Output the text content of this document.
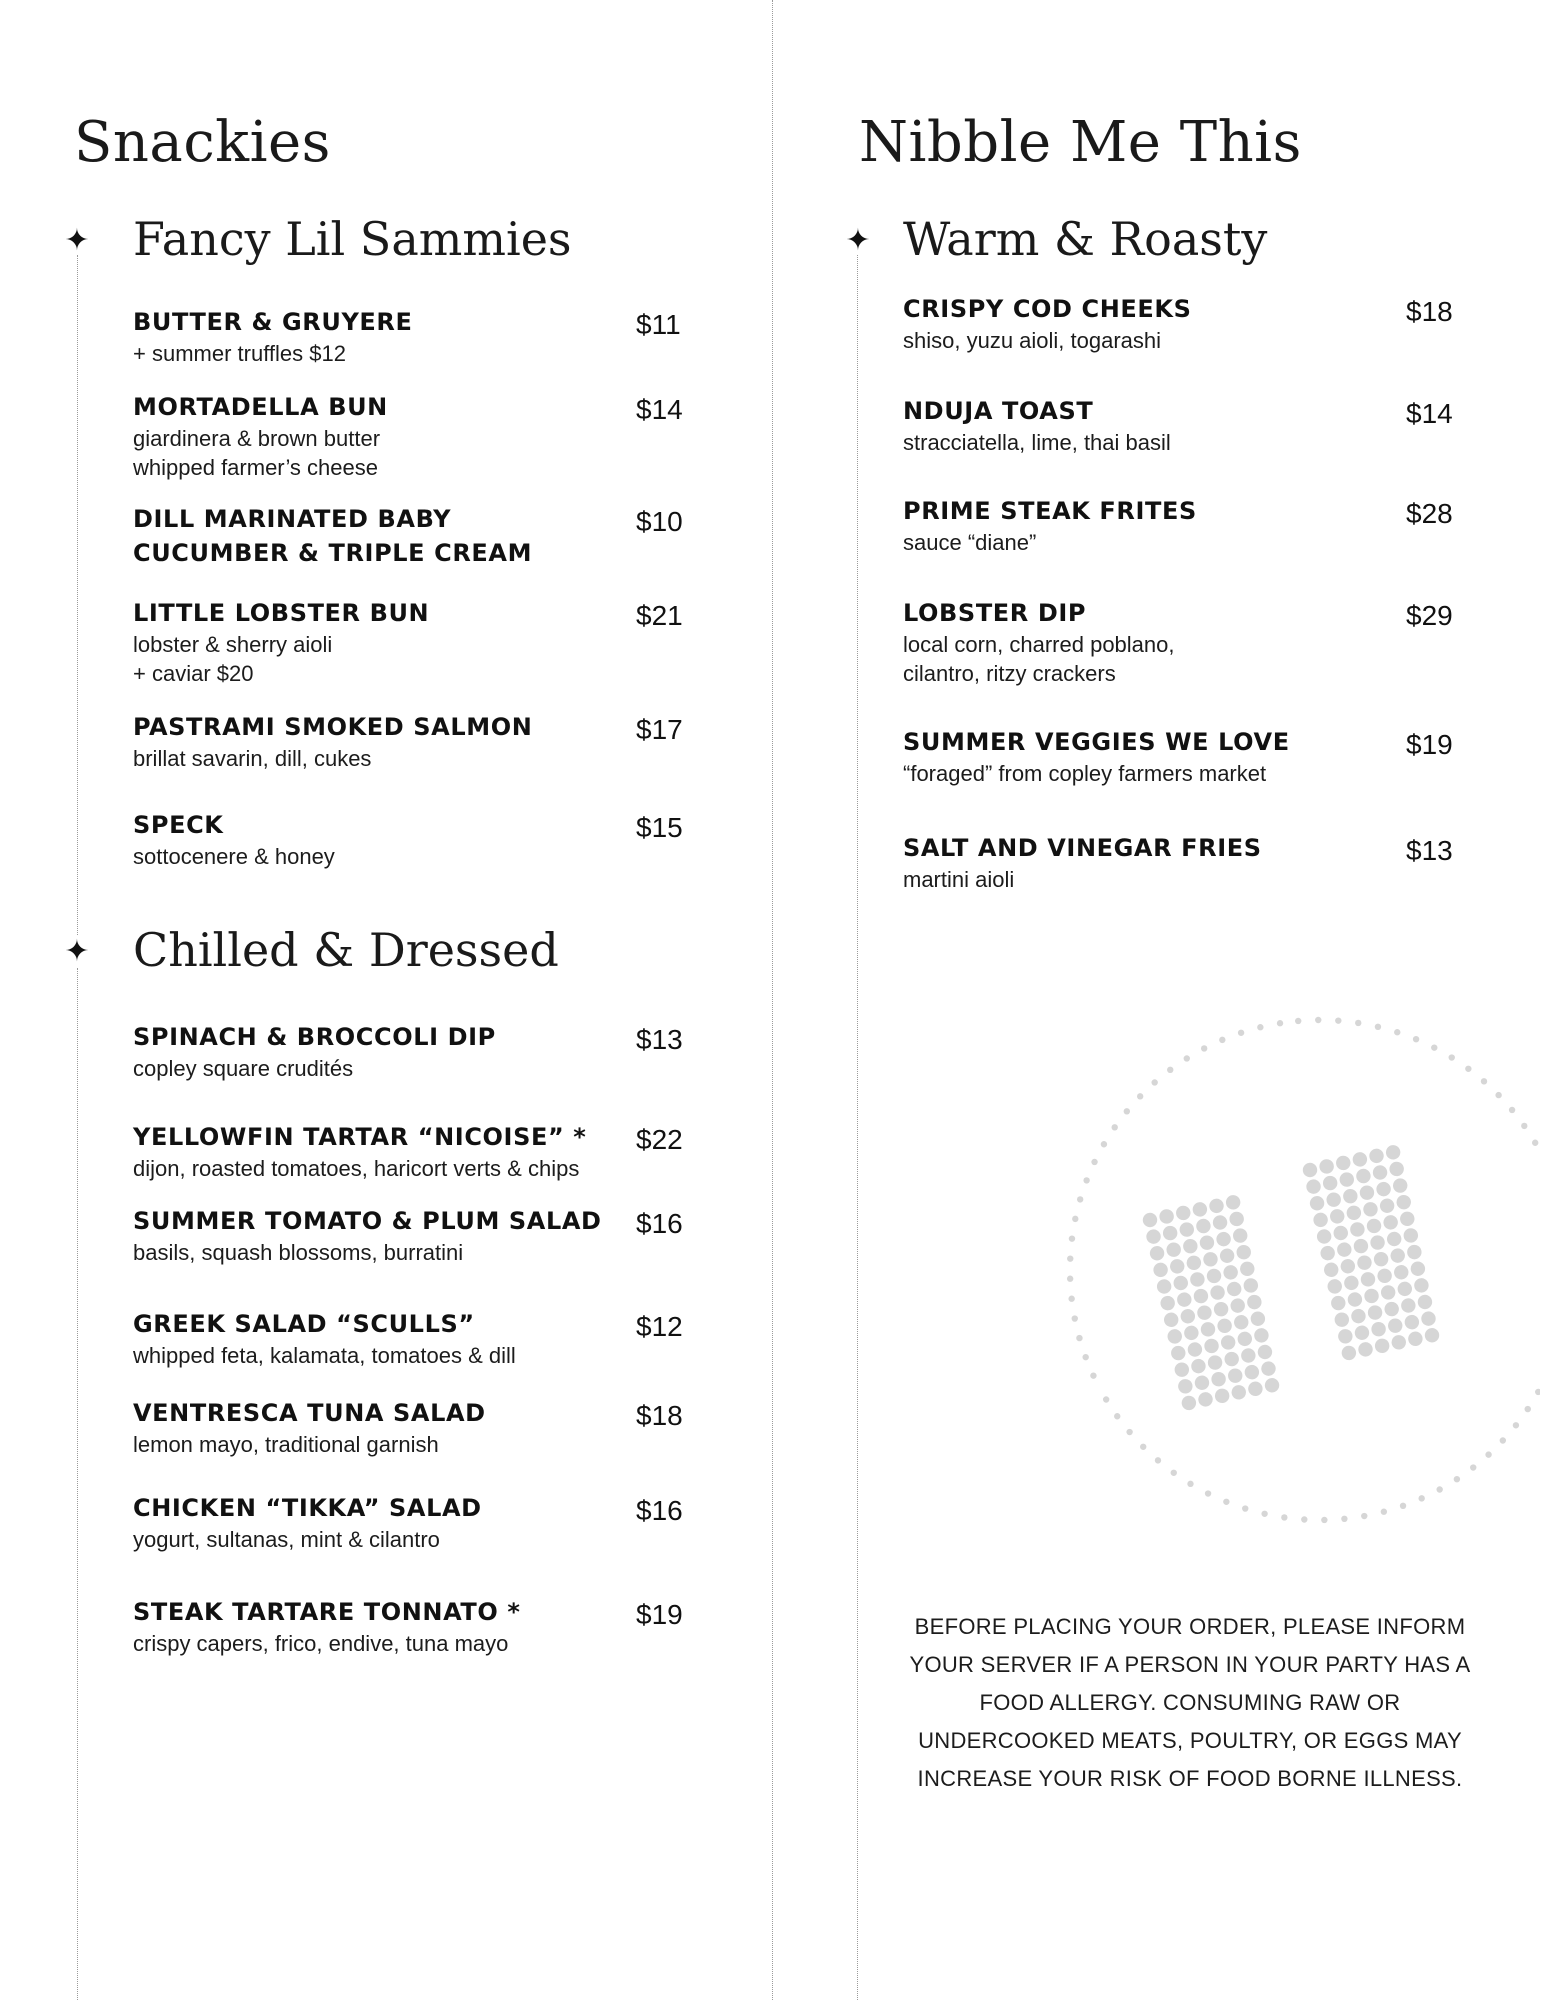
Snackies
✦ Fancy Lil Sammies
✦ Chilled & Dressed
Nibble Me This
✦ Warm & Roasty
BUTTER & GRUYERE
+ summer truffles $12
$11
MORTADELLA BUN
giardinera & brown butter
whipped farmer’s cheese
$14
DILL MARINATED BABY
CUCUMBER & TRIPLE CREAM
$10
LITTLE LOBSTER BUN
lobster & sherry aioli
+ caviar $20
$21
PASTRAMI SMOKED SALMON
brillat savarin, dill, cukes
$17
SPECK
sottocenere & honey
$15
SPINACH & BROCCOLI DIP
copley square crudités
$13
YELLOWFIN TARTAR “NICOISE” *
dijon, roasted tomatoes, haricort verts & chips
$22
SUMMER TOMATO & PLUM SALAD
basils, squash blossoms, burratini
$16
GREEK SALAD “SCULLS”
whipped feta, kalamata, tomatoes & dill
$12
VENTRESCA TUNA SALAD
lemon mayo, traditional garnish
$18
CHICKEN “TIKKA” SALAD
yogurt, sultanas, mint & cilantro
$16
STEAK TARTARE TONNATO *
crispy capers, frico, endive, tuna mayo
$19
CRISPY COD CHEEKS
shiso, yuzu aioli, togarashi
$18
NDUJA TOAST
stracciatella, lime, thai basil
$14
PRIME STEAK FRITES
sauce “diane”
$28
LOBSTER DIP
local corn, charred poblano,
cilantro, ritzy crackers
$29
SUMMER VEGGIES WE LOVE
“foraged” from copley farmers market
$19
SALT AND VINEGAR FRIES
martini aioli
$13
BEFORE PLACING YOUR ORDER, PLEASE INFORM
YOUR SERVER IF A PERSON IN YOUR PARTY HAS A
FOOD ALLERGY. CONSUMING RAW OR
UNDERCOOKED MEATS, POULTRY, OR EGGS MAY
INCREASE YOUR RISK OF FOOD BORNE ILLNESS.
